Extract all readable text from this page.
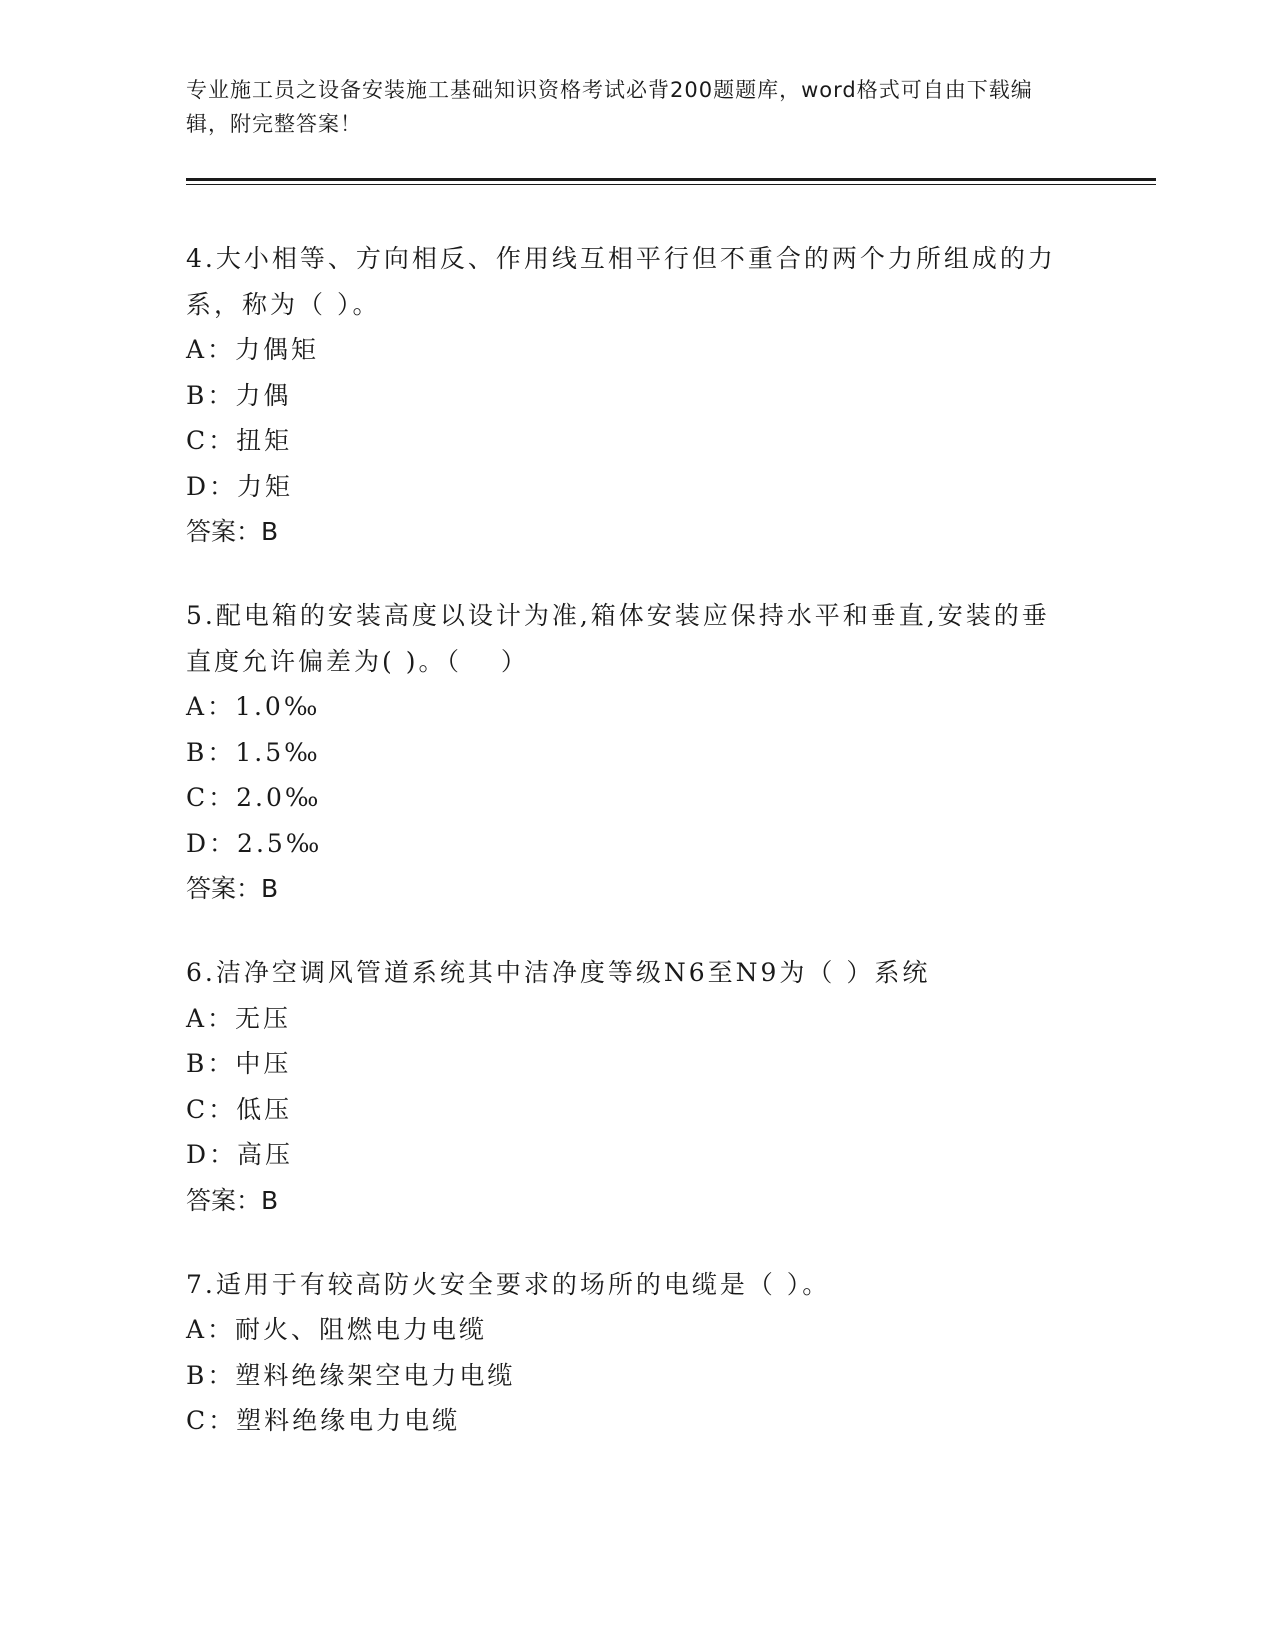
专业施工员之设备安装施工基础知识资格考试必背200题题库，word格式可自由下载编辑，附完整答案！
4.大小相等、方向相反、作用线互相平行但不重合的两个力所组成的力系，称为（ ）。
A：力偶矩
B：力偶
C：扭矩
D：力矩
答案：B
5.配电箱的安装高度以设计为准,箱体安装应保持水平和垂直,安装的垂直度允许偏差为( )。（　 ）
A：1.0‰
B：1.5‰
C：2.0‰
D：2.5‰
答案：B
6.洁净空调风管道系统其中洁净度等级N6至N9为（ ）系统
A：无压
B：中压
C：低压
D：高压
答案：B
7.适用于有较高防火安全要求的场所的电缆是（ ）。
A：耐火、阻燃电力电缆
B：塑料绝缘架空电力电缆
C：塑料绝缘电力电缆
